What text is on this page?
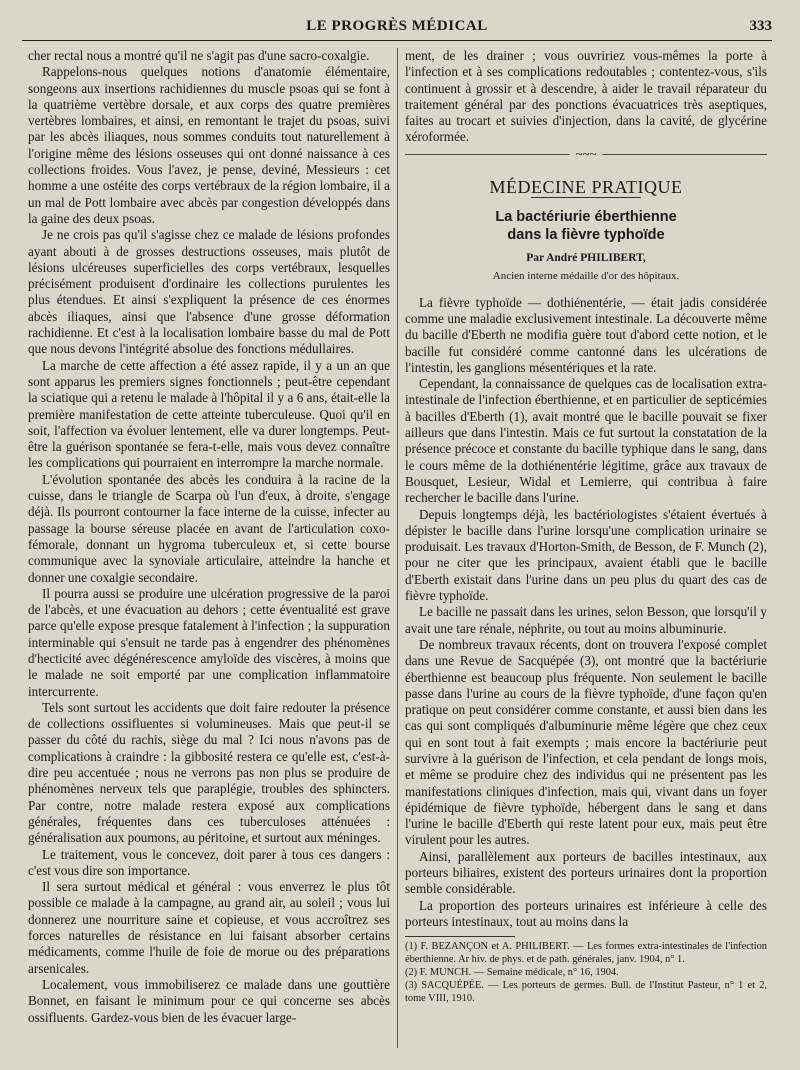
LE PROGRÈS MÉDICAL	333

cher rectal nous a montré qu'il ne s'agit pas d'une sacro-coxalgie.

Rappelons-nous quelques notions d'anatomie élémentaire, songeons aux insertions rachidiennes du muscle psoas qui se font à la quatrième vertèbre dorsale, et aux corps des quatre premières vertèbres lombaires, et ainsi, en remontant le trajet du psoas, suivi par les abcès iliaques, nous sommes conduits tout naturellement à l'origine même des lésions osseuses qui ont donné naissance à ces collections froides. Vous l'avez, je pense, deviné, Messieurs : cet homme a une ostéite des corps vertébraux de la région lombaire, il a un mal de Pott lombaire avec abcès par congestion développés dans la gaine des deux psoas.

Je ne crois pas qu'il s'agisse chez ce malade de lésions profondes ayant abouti à de grosses destructions osseuses, mais plutôt de lésions ulcéreuses superficielles des corps vertébraux, lesquelles précisément produisent d'ordinaire les collections purulentes les plus étendues. Et ainsi s'expliquent la présence de ces énormes abcès iliaques, ainsi que l'absence d'une grosse déformation rachidienne. Et c'est à la localisation lombaire basse du mal de Pott que nous devons l'intégrité absolue des fonctions médullaires.

La marche de cette affection a été assez rapide, il y a un an que sont apparus les premiers signes fonctionnels ; peut-être cependant la sciatique qui a retenu le malade à l'hôpital il y a 6 ans, était-elle la première manifestation de cette atteinte tuberculeuse. Quoi qu'il en soit, l'affection va évoluer lentement, elle va durer longtemps. Peut-être la guérison spontanée se fera-t-elle, mais vous devez connaître les complications qui pourraient en interrompre la marche normale.

L'évolution spontanée des abcès les conduira à la racine de la cuisse, dans le triangle de Scarpa où l'un d'eux, à droite, s'engage déjà. Ils pourront contourner la face interne de la cuisse, infecter au passage la bourse séreuse placée en avant de l'articulation coxo-fémorale, donnant un hygroma tuberculeux et, si cette bourse communique avec la synoviale articulaire, atteindre la hanche et donner une coxalgie secondaire.

Il pourra aussi se produire une ulcération progressive de la paroi de l'abcès, et une évacuation au dehors ; cette éventualité est grave parce qu'elle expose presque fatalement à l'infection ; la suppuration interminable qui s'ensuit ne tarde pas à engendrer des phénomènes d'hecticité avec dégénérescence amyloïde des viscères, à moins que le malade ne soit emporté par une complication inflammatoire intercurrente.

Tels sont surtout les accidents que doit faire redouter la présence de collections ossifluentes si volumineuses. Mais que peut-il se passer du côté du rachis, siège du mal ? Ici nous n'avons pas de complications à craindre : la gibbosité restera ce qu'elle est, c'est-à-dire peu accentuée ; nous ne verrons pas non plus se produire de phénomènes nerveux tels que paraplégie, troubles des sphincters. Par contre, notre malade restera exposé aux complications générales, fréquentes dans ces tuberculoses atténuées : généralisation aux poumons, au péritoine, et surtout aux méninges.

Le traitement, vous le concevez, doit parer à tous ces dangers : c'est vous dire son importance.

Il sera surtout médical et général : vous enverrez le plus tôt possible ce malade à la campagne, au grand air, au soleil ; vous lui donnerez une nourriture saine et copieuse, et vous accroîtrez ses forces naturelles de résistance en lui faisant absorber certains médicaments, comme l'huile de foie de morue ou des préparations arsenicales.

Localement, vous immobiliserez ce malade dans une gouttière Bonnet, en faisant le minimum pour ce qui concerne ses abcès ossifluents. Gardez-vous bien de les évacuer large-

ment, de les drainer ; vous ouvririez vous-mêmes la porte à l'infection et à ses complications redoutables ; contentez-vous, s'ils continuent à grossir et à descendre, à aider le travail réparateur du traitement général par des ponctions évacuatrices très aseptiques, faites au trocart et suivies d'injection, dans la cavité, de glycérine xéroformée.

~~~
MÉDECINE PRATIQUE
La bactériurie éberthienne
dans la fièvre typhoïde
Par André PHILIBERT,
Ancien interne médaille d'or des hôpitaux.

La fièvre typhoïde — dothiénentérie, — était jadis considérée comme une maladie exclusivement intestinale. La découverte même du bacille d'Eberth ne modifia guère tout d'abord cette notion, et le bacille fut considéré comme cantonné dans les ulcérations de l'intestin, les ganglions mésentériques et la rate.

Cependant, la connaissance de quelques cas de localisation extra-intestinale de l'infection éberthienne, et en particulier de septicémies à bacilles d'Eberth (1), avait montré que le bacille pouvait se fixer ailleurs que dans l'intestin. Mais ce fut surtout la constatation de la présence précoce et constante du bacille typhique dans le sang, dans le cours même de la dothiénentérie légitime, grâce aux travaux de Bousquet, Lesieur, Widal et Lemierre, qui contribua à faire rechercher le bacille dans l'urine.

Depuis longtemps déjà, les bactériologistes s'étaient évertués à dépister le bacille dans l'urine lorsqu'une complication urinaire se produisait. Les travaux d'Horton-Smith, de Besson, de F. Munch (2), pour ne citer que les principaux, avaient établi que le bacille d'Eberth existait dans l'urine dans un peu plus du quart des cas de fièvre typhoïde.

Le bacille ne passait dans les urines, selon Besson, que lorsqu'il y avait une tare rénale, néphrite, ou tout au moins albuminurie.

De nombreux travaux récents, dont on trouvera l'exposé complet dans une Revue de Sacquépée (3), ont montré que la bactériurie éberthienne est beaucoup plus fréquente. Non seulement le bacille passe dans l'urine au cours de la fièvre typhoïde, d'une façon qu'en pratique on peut considérer comme constante, et aussi bien dans les cas qui sont compliqués d'albuminurie même légère que chez ceux qui en sont tout à fait exempts ; mais encore la bactériurie peut survivre à la guérison de l'infection, et cela pendant de longs mois, et même se produire chez des individus qui ne présentent pas les manifestations cliniques d'infection, mais qui, vivant dans un foyer épidémique de fièvre typhoïde, hébergent dans le sang et dans l'urine le bacille d'Eberth qui reste latent pour eux, mais peut être virulent pour les autres.

Ainsi, parallèlement aux porteurs de bacilles intestinaux, aux porteurs biliaires, existent des porteurs urinaires dont la proportion semble considérable.

La proportion des porteurs urinaires est inférieure à celle des porteurs intestinaux, tout au moins dans la

(1) F. BEZANÇON et A. PHILIBERT. — Les formes extra-intestinales de l'infection éberthienne. Ar hiv. de phys. et de path. générales, janv. 1904, n° 1.

(2) F. MUNCH. — Semaine médicale, n° 16, 1904.

(3) SACQUÉPÉE. — Les porteurs de germes. Bull. de l'Institut Pasteur, n° 1 et 2, tome VIII, 1910.
